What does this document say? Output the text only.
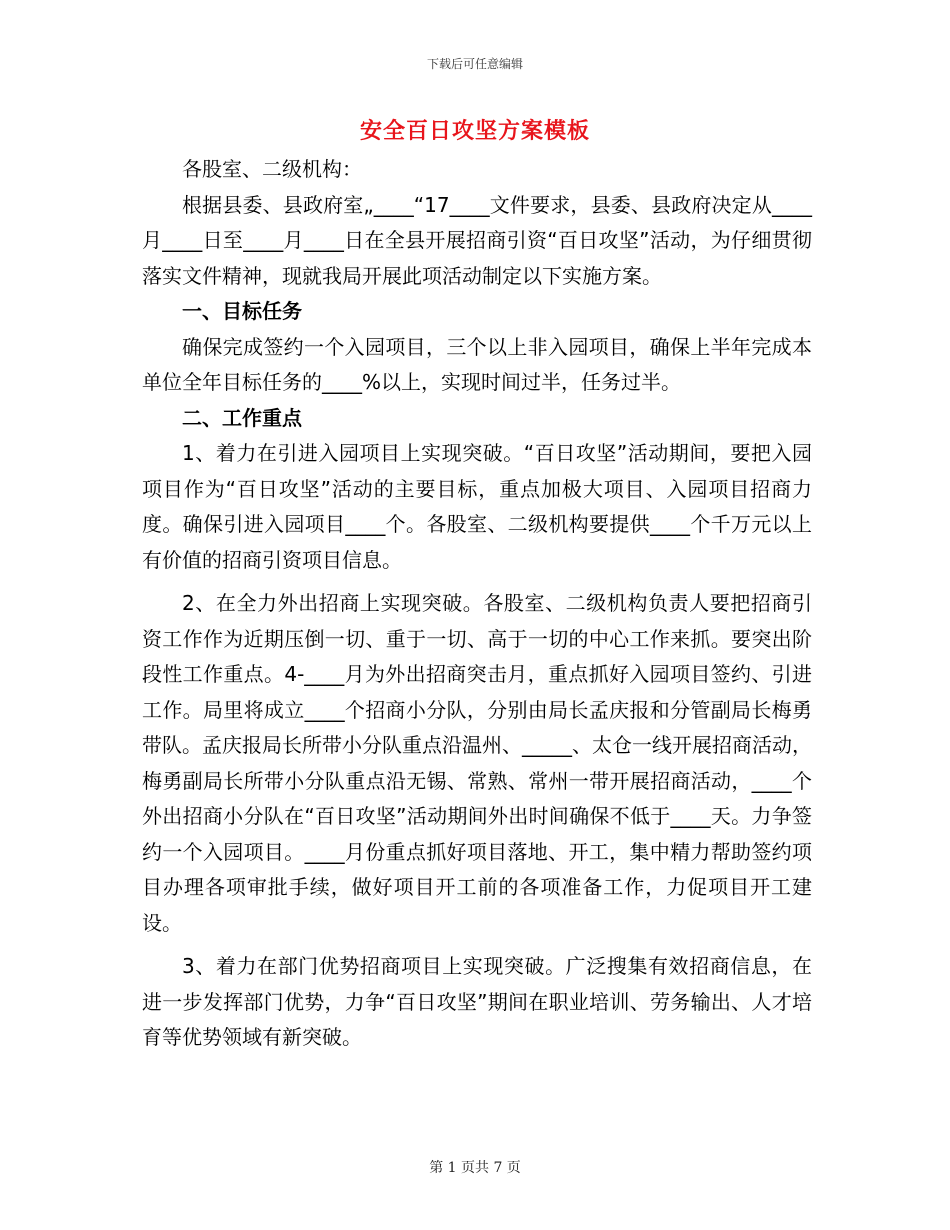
下载后可任意编辑
安全百日攻坚方案模板

各股室、二级机构：

根据县委、县政府室„____“17____文件要求，县委、县政府决定从____月____日至____月____日在全县开展招商引资“百日攻坚”活动，为仔细贯彻落实文件精神，现就我局开展此项活动制定以下实施方案。

一、目标任务

确保完成签约一个入园项目，三个以上非入园项目，确保上半年完成本单位全年目标任务的____%以上，实现时间过半，任务过半。

二、工作重点

1、着力在引进入园项目上实现突破。“百日攻坚”活动期间，要把入园项目作为“百日攻坚”活动的主要目标，重点加极大项目、入园项目招商力度。确保引进入园项目____个。各股室、二级机构要提供____个千万元以上有价值的招商引资项目信息。

2、在全力外出招商上实现突破。各股室、二级机构负责人要把招商引资工作作为近期压倒一切、重于一切、高于一切的中心工作来抓。要突出阶段性工作重点。4-____月为外出招商突击月，重点抓好入园项目签约、引进工作。局里将成立____个招商小分队，分别由局长孟庆报和分管副局长梅勇带队。孟庆报局长所带小分队重点沿温州、_____、太仓一线开展招商活动，梅勇副局长所带小分队重点沿无锡、常熟、常州一带开展招商活动，____个外出招商小分队在“百日攻坚”活动期间外出时间确保不低于____天。力争签约一个入园项目。____月份重点抓好项目落地、开工，集中精力帮助签约项目办理各项审批手续，做好项目开工前的各项准备工作，力促项目开工建设。

3、着力在部门优势招商项目上实现突破。广泛搜集有效招商信息，在进一步发挥部门优势，力争“百日攻坚”期间在职业培训、劳务输出、人才培育等优势领域有新突破。

第 1 页共 7 页
